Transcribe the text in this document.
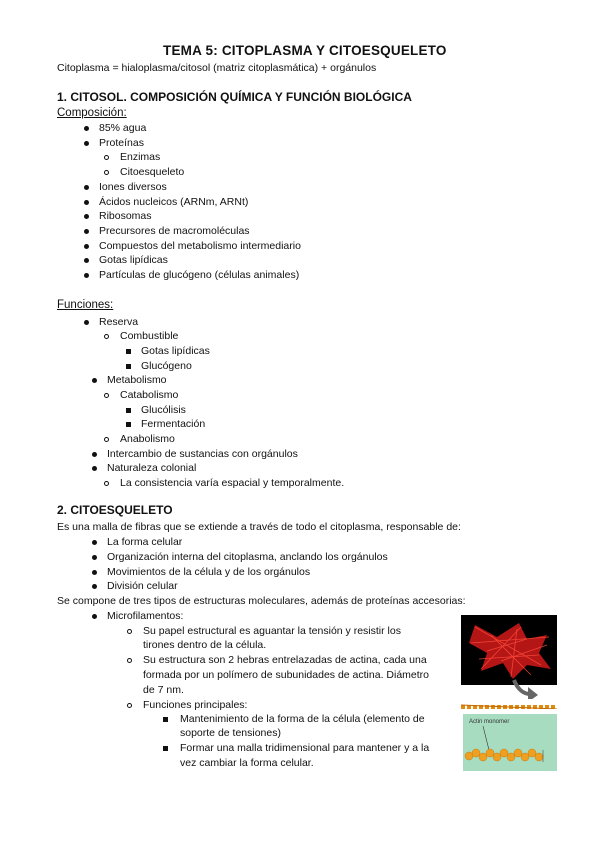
TEMA 5: CITOPLASMA Y CITOESQUELETO
Citoplasma = hialoplasma/citosol (matriz citoplasmática) + orgánulos
1. CITOSOL. COMPOSICIÓN QUÍMICA Y FUNCIÓN BIOLÓGICA
Composición:
85% agua
Proteínas
Enzimas
Citoesqueleto
Iones diversos
Ácidos nucleicos (ARNm, ARNt)
Ribosomas
Precursores de macromoléculas
Compuestos del metabolismo intermediario
Gotas lipídicas
Partículas de glucógeno (células animales)
Funciones:
Reserva
Combustible
Gotas lipídicas
Glucógeno
Metabolismo
Catabolismo
Glucólisis
Fermentación
Anabolismo
Intercambio de sustancias con orgánulos
Naturaleza colonial
La consistencia varía espacial y temporalmente.
2. CITOESQUELETO
Es una malla de fibras que se extiende a través de todo el citoplasma, responsable de:
La forma celular
Organización interna del citoplasma, anclando los orgánulos
Movimientos de la célula y de los orgánulos
División celular
Se compone de tres tipos de estructuras moleculares, además de proteínas accesorias:
Microfilamentos:
Su papel estructural es aguantar la tensión y resistir los
tirones dentro de la célula.
Su estructura son 2 hebras entrelazadas de actina, cada una
formada por un polímero de subunidades de actina. Diámetro
de 7 nm.
Funciones principales:
Mantenimiento de la forma de la célula (elemento de
soporte de tensiones)
Formar una malla tridimensional para mantener y a la
vez cambiar la forma celular.
Actin monomer
